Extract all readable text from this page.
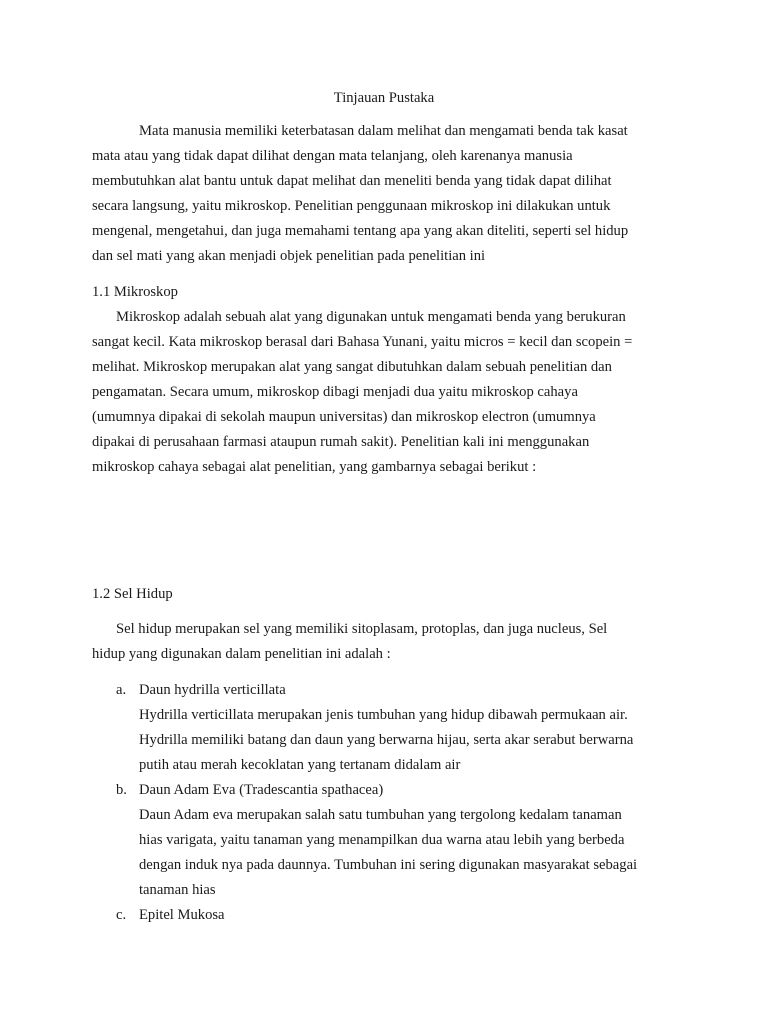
Tinjauan Pustaka
Mata manusia memiliki keterbatasan dalam melihat dan mengamati benda tak kasat
mata atau yang tidak dapat dilihat dengan mata telanjang, oleh karenanya manusia
membutuhkan alat bantu untuk dapat melihat dan meneliti benda yang tidak dapat dilihat
secara langsung, yaitu mikroskop. Penelitian penggunaan mikroskop ini dilakukan untuk
mengenal, mengetahui, dan juga memahami tentang apa yang akan diteliti, seperti sel hidup
dan sel mati yang akan menjadi objek penelitian pada penelitian ini
1.1 Mikroskop
Mikroskop adalah sebuah alat yang digunakan untuk mengamati benda yang berukuran
sangat kecil. Kata mikroskop berasal dari Bahasa Yunani, yaitu micros = kecil dan scopein =
melihat. Mikroskop merupakan alat yang sangat dibutuhkan dalam sebuah penelitian dan
pengamatan. Secara umum, mikroskop dibagi menjadi dua yaitu mikroskop cahaya
(umumnya dipakai di sekolah maupun universitas) dan mikroskop electron (umumnya
dipakai di perusahaan farmasi ataupun rumah sakit). Penelitian kali ini menggunakan
mikroskop cahaya sebagai alat penelitian, yang gambarnya sebagai berikut :
1.2 Sel Hidup
Sel hidup merupakan sel yang memiliki sitoplasam, protoplas, dan juga nucleus, Sel
hidup yang digunakan dalam penelitian ini adalah :
a. Daun hydrilla verticillata
Hydrilla verticillata merupakan jenis tumbuhan yang hidup dibawah permukaan air.
Hydrilla memiliki batang dan daun yang berwarna hijau, serta akar serabut berwarna
putih atau merah kecoklatan yang tertanam didalam air
b. Daun Adam Eva (Tradescantia spathacea)
Daun Adam eva merupakan salah satu tumbuhan yang tergolong kedalam tanaman
hias varigata, yaitu tanaman yang menampilkan dua warna atau lebih yang berbeda
dengan induk nya pada daunnya. Tumbuhan ini sering digunakan masyarakat sebagai
tanaman hias
c. Epitel Mukosa
